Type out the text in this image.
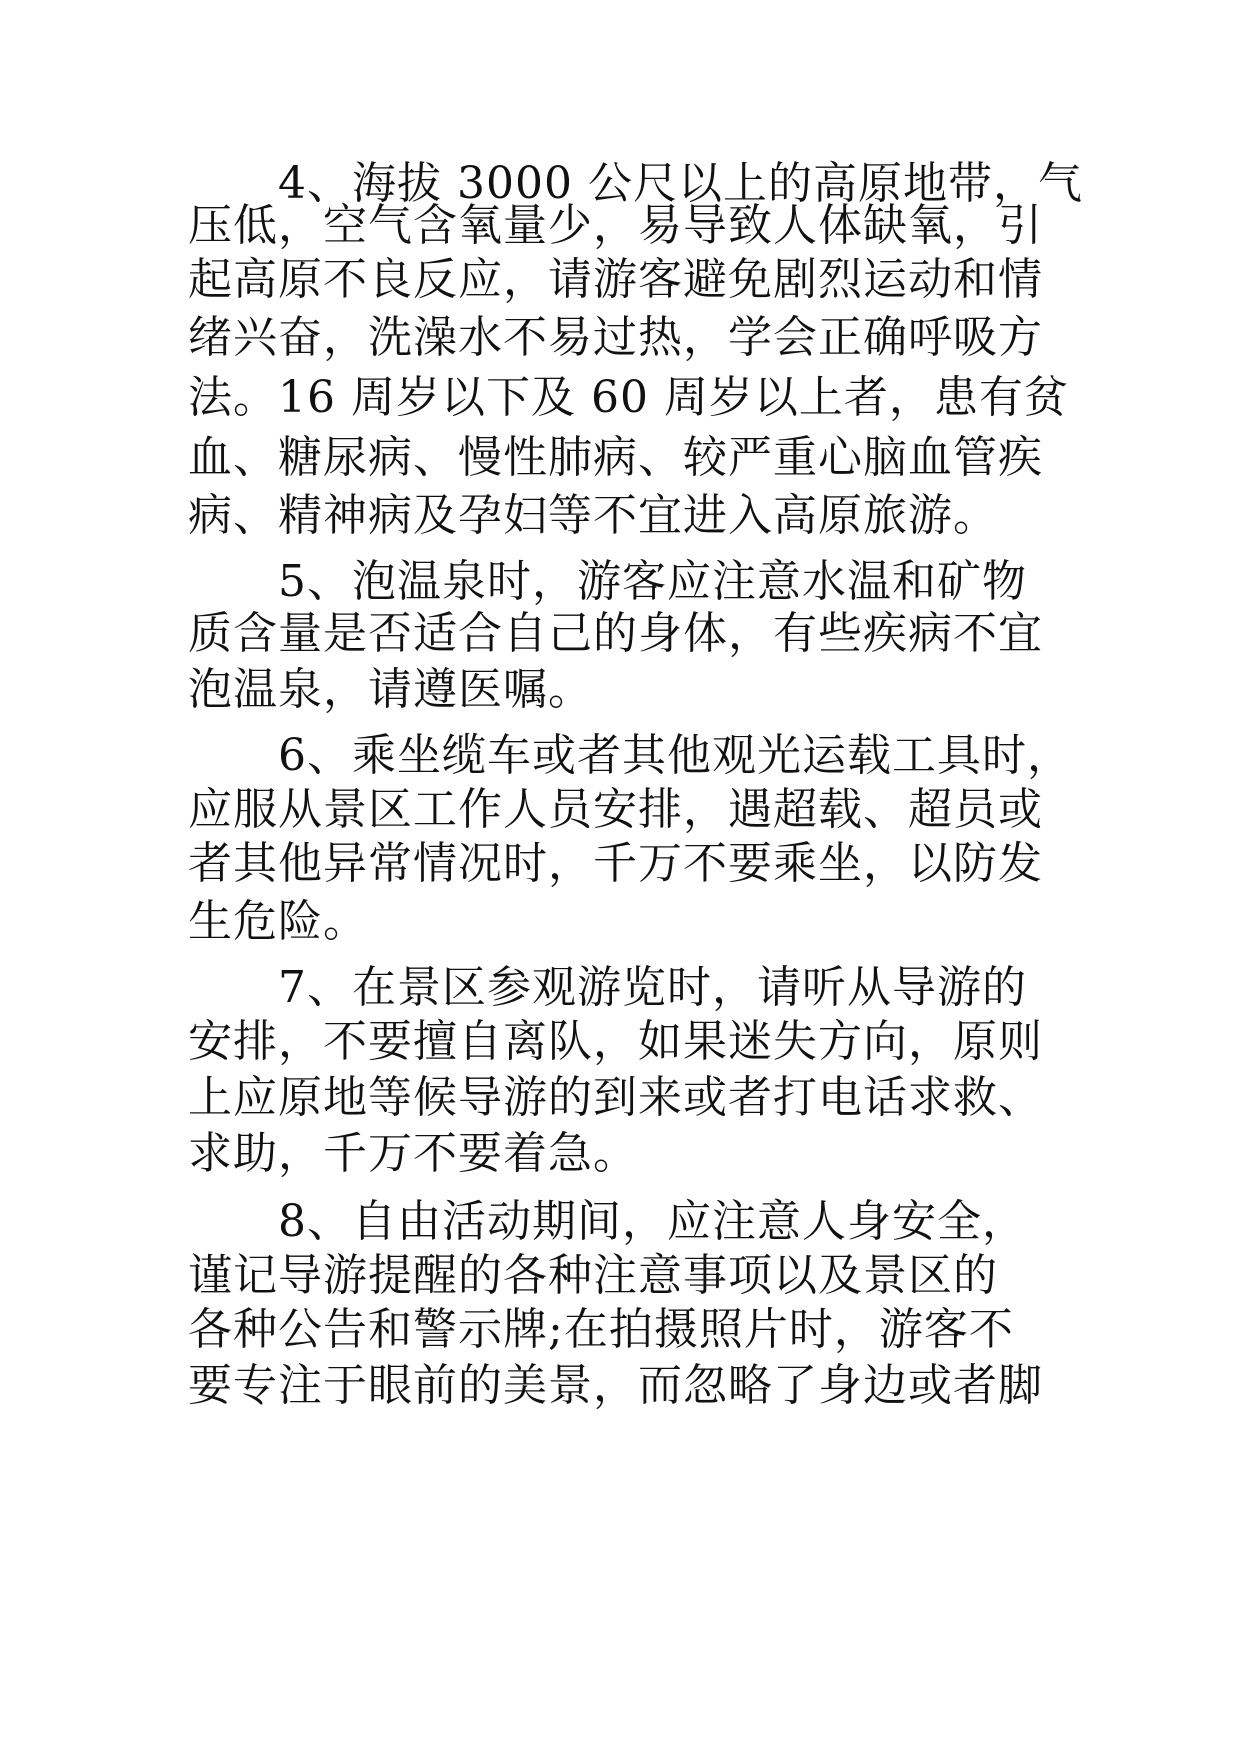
4、海拔 3000 公尺以上的高原地带，气
压低，空气含氧量少，易导致人体缺氧，引
起高原不良反应，请游客避免剧烈运动和情
绪兴奋，洗澡水不易过热，学会正确呼吸方
法。16 周岁以下及 60 周岁以上者，患有贫
血、糖尿病、慢性肺病、较严重心脑血管疾
病、精神病及孕妇等不宜进入高原旅游。
5、泡温泉时，游客应注意水温和矿物
质含量是否适合自己的身体，有些疾病不宜
泡温泉，请遵医嘱。
6、乘坐缆车或者其他观光运载工具时，
应服从景区工作人员安排，遇超载、超员或
者其他异常情况时，千万不要乘坐，以防发
生危险。
7、在景区参观游览时，请听从导游的
安排，不要擅自离队，如果迷失方向，原则
上应原地等候导游的到来或者打电话求救、
求助，千万不要着急。
8、自由活动期间，应注意人身安全，
谨记导游提醒的各种注意事项以及景区的
各种公告和警示牌;在拍摄照片时，游客不
要专注于眼前的美景，而忽略了身边或者脚
